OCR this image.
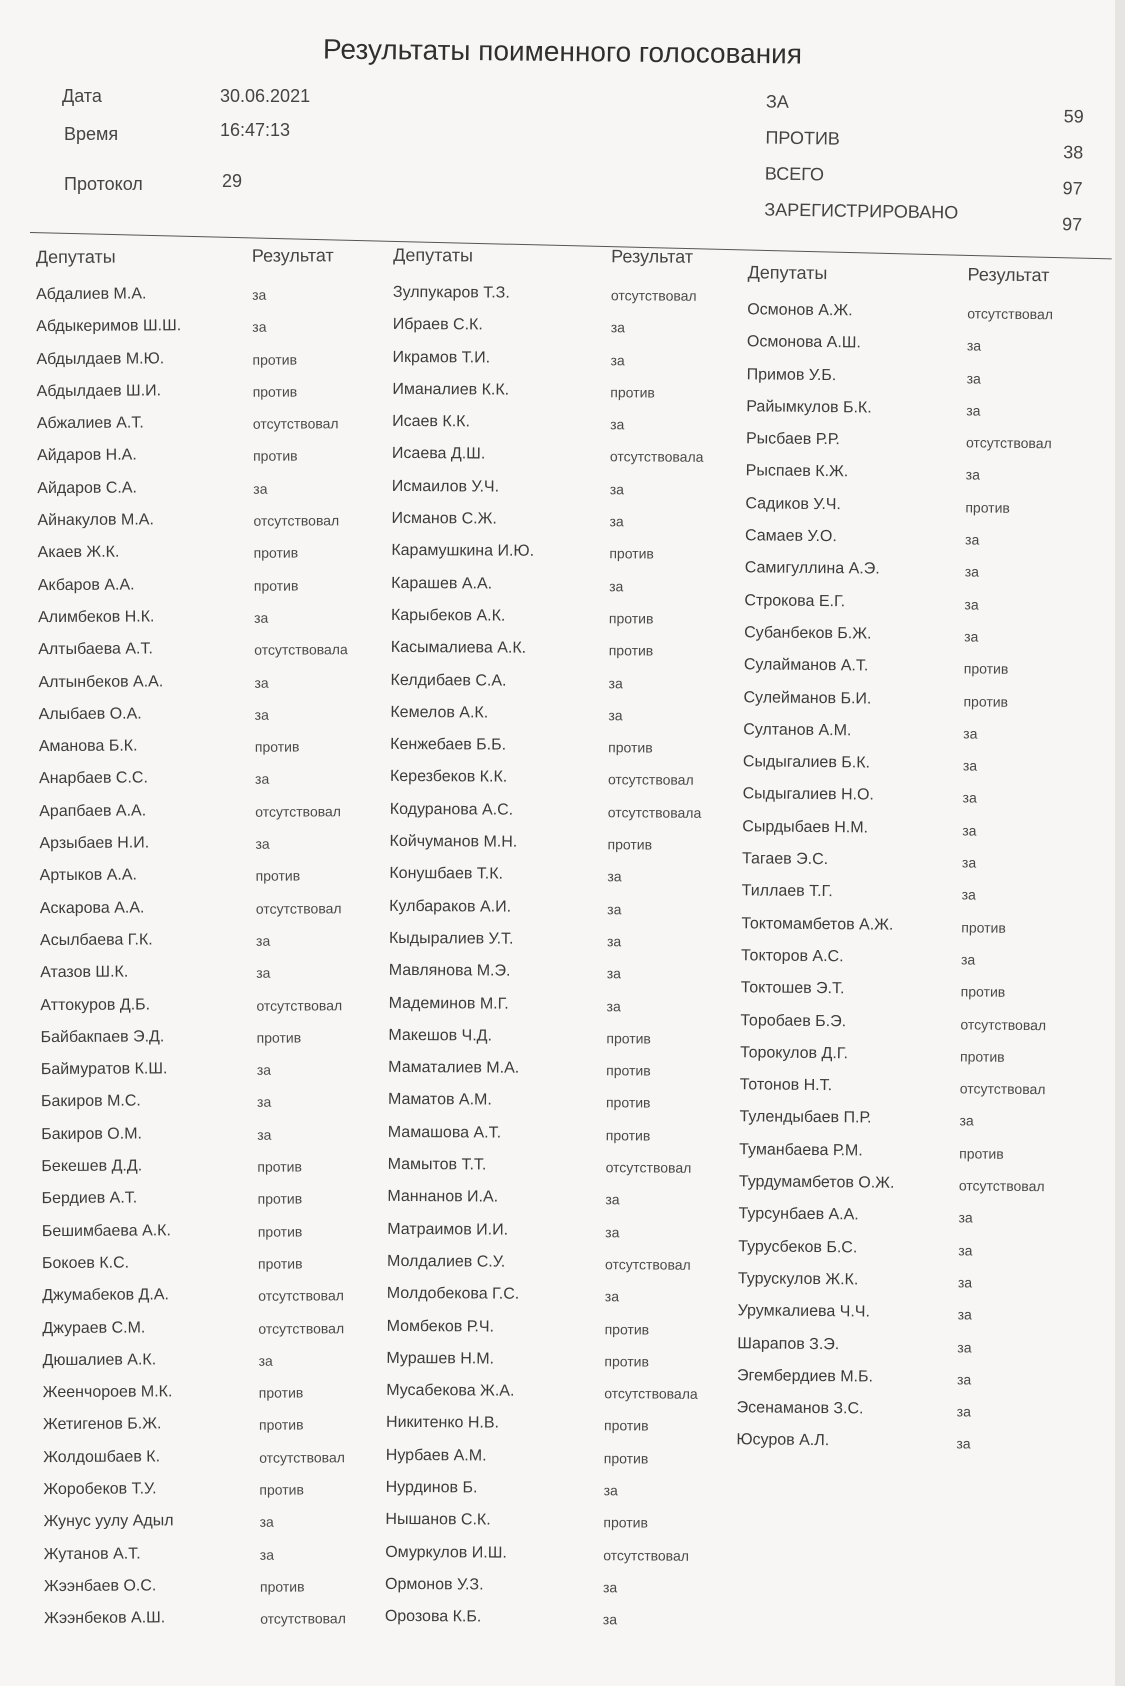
Результаты поименного голосования
Дата	30.06.2021
Время	16:47:13
Протокол	29
ЗА
59
ПРОТИВ
38
ВСЕГО
97
ЗАРЕГИСТРИРОВАНО
97
Депутаты	Результат
Абдалиев М.А.	за
Абдыкеримов Ш.Ш.	за
Абдылдаев М.Ю.	против
Абдылдаев Ш.И.	против
Абжалиев А.Т.	отсутствовал
Айдаров Н.А.	против
Айдаров С.А.	за
Айнакулов М.А.	отсутствовал
Акаев Ж.К.	против
Акбаров А.А.	против
Алимбеков Н.К.	за
Алтыбаева А.Т.	отсутствовала
Алтынбеков А.А.	за
Алыбаев О.А.	за
Аманова Б.К.	против
Анарбаев С.С.	за
Арапбаев А.А.	отсутствовал
Арзыбаев Н.И.	за
Артыков А.А.	против
Аскарова А.А.	отсутствовал
Асылбаева Г.К.	за
Атазов Ш.К.	за
Аттокуров Д.Б.	отсутствовал
Байбакпаев Э.Д.	против
Баймуратов К.Ш.	за
Бакиров М.С.	за
Бакиров О.М.	за
Бекешев Д.Д.	против
Бердиев А.Т.	против
Бешимбаева А.К.	против
Бокоев К.С.	против
Джумабеков Д.А.	отсутствовал
Джураев С.М.	отсутствовал
Дюшалиев А.К.	за
Жеенчороев М.К.	против
Жетигенов Б.Ж.	против
Жолдошбаев К.	отсутствовал
Жоробеков Т.У.	против
Жунус уулу Адыл	за
Жутанов А.Т.	за
Жээнбаев О.С.	против
Жээнбеков А.Ш.	отсутствовал
Депутаты	Результат
Зулпукаров Т.З.	отсутствовал
Ибраев С.К.	за
Икрамов Т.И.	за
Иманалиев К.К.	против
Исаев К.К.	за
Исаева Д.Ш.	отсутствовала
Исмаилов У.Ч.	за
Исманов С.Ж.	за
Карамушкина И.Ю.	против
Карашев А.А.	за
Карыбеков А.К.	против
Касымалиева А.К.	против
Келдибаев С.А.	за
Кемелов А.К.	за
Кенжебаев Б.Б.	против
Керезбеков К.К.	отсутствовал
Кодуранова А.С.	отсутствовала
Койчуманов М.Н.	против
Конушбаев Т.К.	за
Кулбараков А.И.	за
Кыдыралиев У.Т.	за
Мавлянова М.Э.	за
Мадеминов М.Г.	за
Макешов Ч.Д.	против
Маматалиев М.А.	против
Маматов А.М.	против
Мамашова А.Т.	против
Мамытов Т.Т.	отсутствовал
Маннанов И.А.	за
Матраимов И.И.	за
Молдалиев С.У.	отсутствовал
Молдобекова Г.С.	за
Момбеков Р.Ч.	против
Мурашев Н.М.	против
Мусабекова Ж.А.	отсутствовала
Никитенко Н.В.	против
Нурбаев А.М.	против
Нурдинов Б.	за
Нышанов С.К.	против
Омуркулов И.Ш.	отсутствовал
Ормонов У.З.	за
Орозова К.Б.	за
Депутаты	Результат
Осмонов А.Ж.	отсутствовал
Осмонова А.Ш.	за
Примов У.Б.	за
Райымкулов Б.К.	за
Рысбаев Р.Р.	отсутствовал
Рыспаев К.Ж.	за
Садиков У.Ч.	против
Самаев У.О.	за
Самигуллина А.Э.	за
Строкова Е.Г.	за
Субанбеков Б.Ж.	за
Сулайманов А.Т.	против
Сулейманов Б.И.	против
Султанов А.М.	за
Сыдыгалиев Б.К.	за
Сыдыгалиев Н.О.	за
Сырдыбаев Н.М.	за
Тагаев Э.С.	за
Тиллаев Т.Г.	за
Токтомамбетов А.Ж.	против
Токторов А.С.	за
Токтошев Э.Т.	против
Торобаев Б.Э.	отсутствовал
Торокулов Д.Г.	против
Тотонов Н.Т.	отсутствовал
Тулендыбаев П.Р.	за
Туманбаева Р.М.	против
Турдумамбетов О.Ж.	отсутствовал
Турсунбаев А.А.	за
Турусбеков Б.С.	за
Турускулов Ж.К.	за
Урумкалиева Ч.Ч.	за
Шарапов З.Э.	за
Эгембердиев М.Б.	за
Эсенаманов З.С.	за
Юсуров А.Л.	за
